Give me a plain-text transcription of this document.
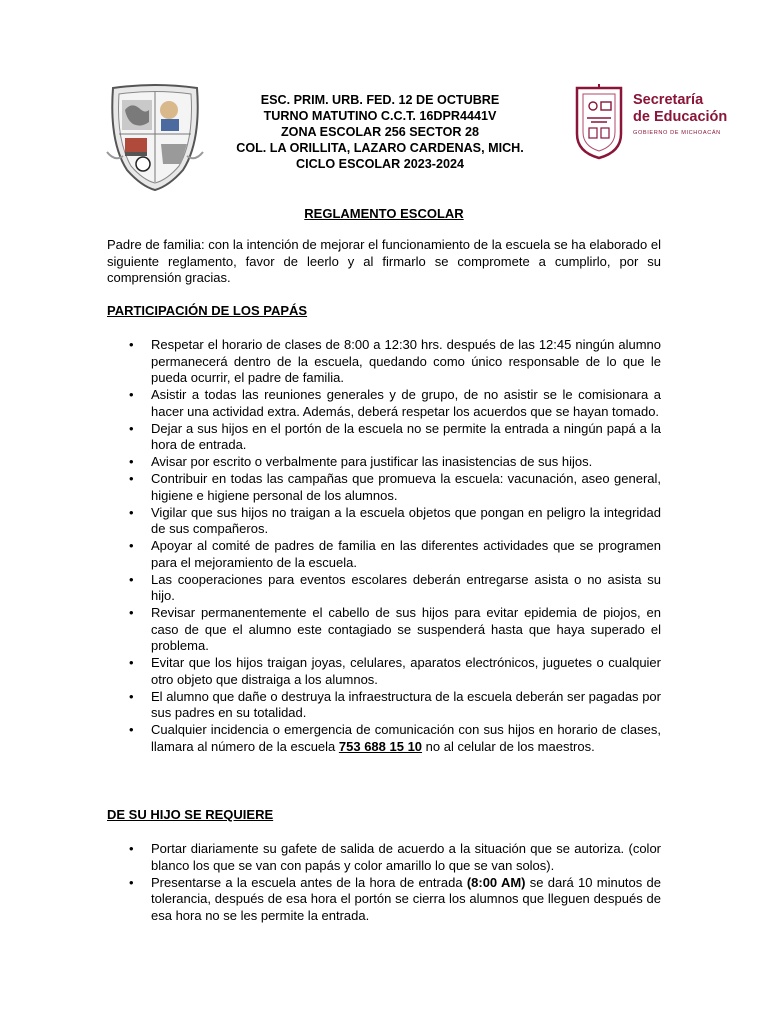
ESC. PRIM. URB. FED. 12 DE OCTUBRE
TURNO MATUTINO C.C.T. 16DPR4441V
ZONA ESCOLAR 256 SECTOR 28
COL. LA ORILLITA, LAZARO CARDENAS, MICH.
CICLO ESCOLAR 2023-2024
Secretaría
de Educación
GOBIERNO DE MICHOACÁN
REGLAMENTO ESCOLAR
Padre de familia: con la intención de mejorar el funcionamiento de la escuela se ha elaborado el siguiente reglamento, favor de leerlo y al firmarlo se compromete a cumplirlo, por su comprensión gracias.
PARTICIPACIÓN DE LOS PAPÁS
• Respetar el horario de clases de 8:00 a 12:30 hrs. después de las 12:45 ningún alumno permanecerá dentro de la escuela, quedando como único responsable de lo que le pueda ocurrir, el padre de familia.
• Asistir a todas las reuniones generales y de grupo, de no asistir se le comisionara a hacer una actividad extra. Además, deberá respetar los acuerdos que se hayan tomado.
• Dejar a sus hijos en el portón de la escuela no se permite la entrada a ningún papá a la hora de entrada.
• Avisar por escrito o verbalmente para justificar las inasistencias de sus hijos.
• Contribuir en todas las campañas que promueva la escuela: vacunación, aseo general, higiene e higiene personal de los alumnos.
• Vigilar que sus hijos no traigan a la escuela objetos que pongan en peligro la integridad de sus compañeros.
• Apoyar al comité de padres de familia en las diferentes actividades que se programen para el mejoramiento de la escuela.
• Las cooperaciones para eventos escolares deberán entregarse asista o no asista su hijo.
• Revisar permanentemente el cabello de sus hijos para evitar epidemia de piojos, en caso de que el alumno este contagiado se suspenderá hasta que haya superado el problema.
• Evitar que los hijos traigan joyas, celulares, aparatos electrónicos, juguetes o cualquier otro objeto que distraiga a los alumnos.
• El alumno que dañe o destruya la infraestructura de la escuela deberán ser pagadas por sus padres en su totalidad.
• Cualquier incidencia o emergencia de comunicación con sus hijos en horario de clases, llamara al número de la escuela 753 688 15 10 no al celular de los maestros.
DE SU HIJO SE REQUIERE
• Portar diariamente su gafete de salida de acuerdo a la situación que se autoriza. (color blanco los que se van con papás y color amarillo lo que se van solos).
• Presentarse a la escuela antes de la hora de entrada (8:00 AM) se dará 10 minutos de tolerancia, después de esa hora el portón se cierra los alumnos que lleguen después de esa hora no se les permite la entrada.
